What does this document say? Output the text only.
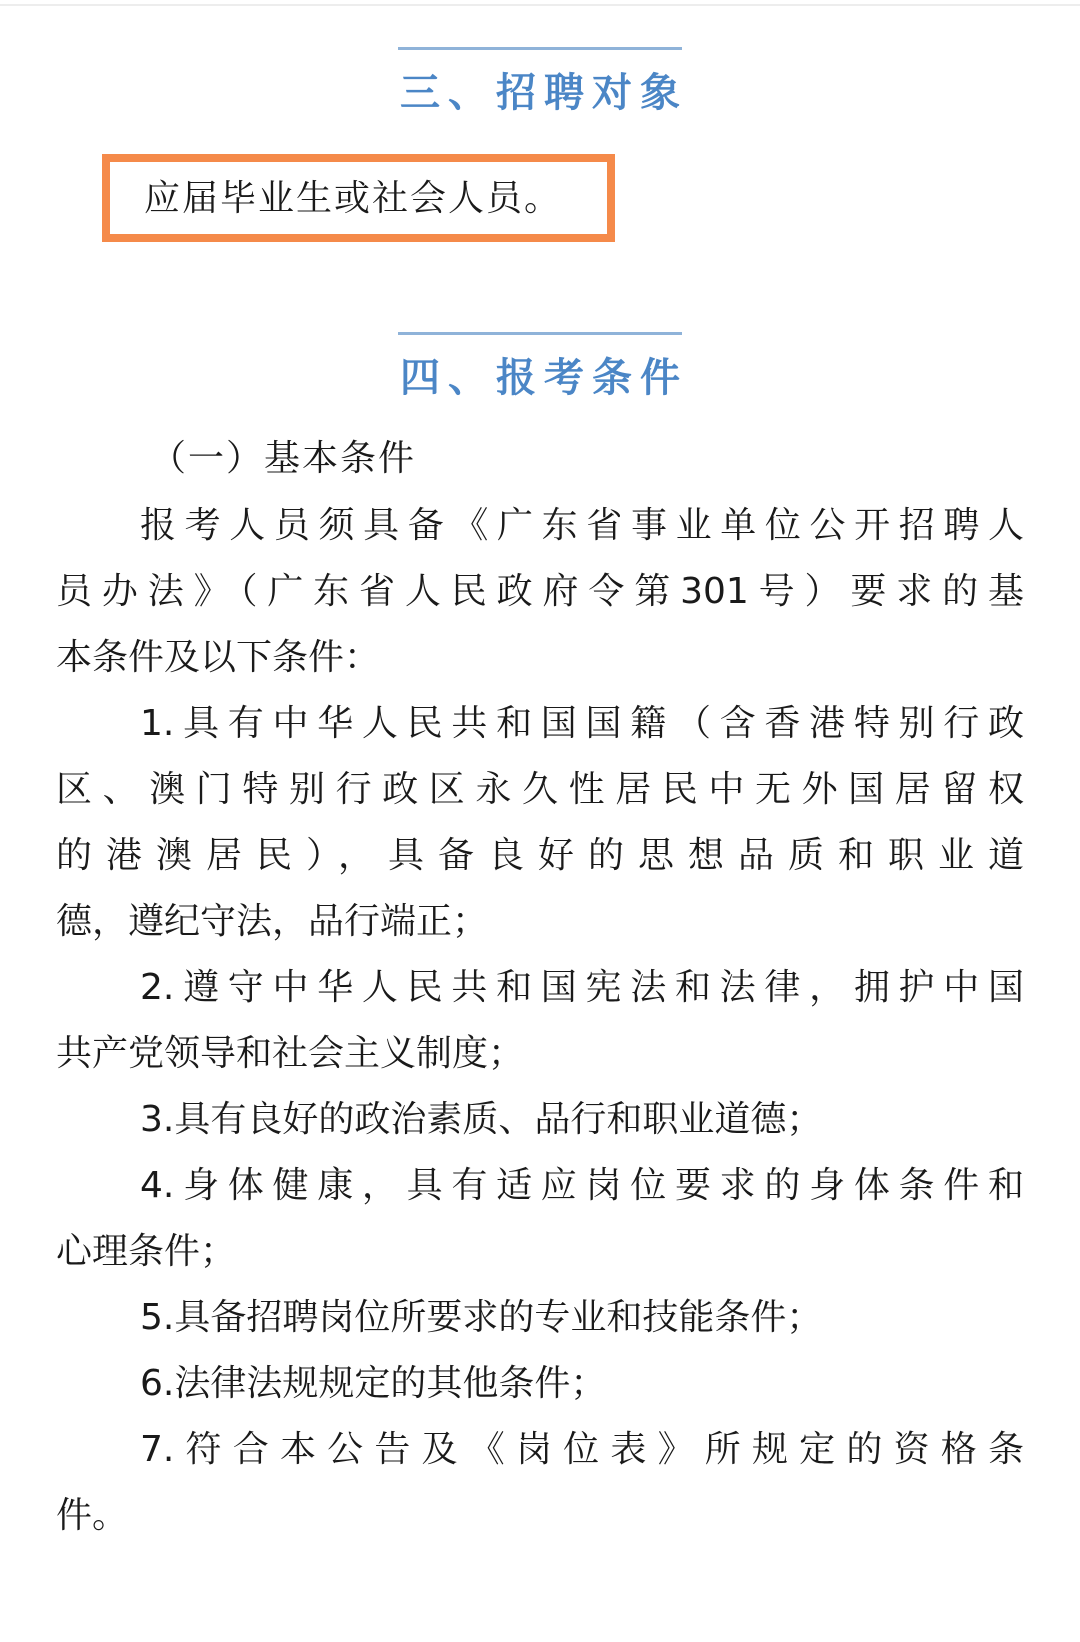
三、招聘对象
应届毕业生或社会人员。
四、报考条件
（一）基本条件
报考人员须具备《广东省事业单位公开招聘人
员办法》（广东省人民政府令第301号）要求的基
本条件及以下条件：
1.具有中华人民共和国国籍（含香港特别行政
区、澳门特别行政区永久性居民中无外国居留权
的港澳居民），具备良好的思想品质和职业道
德，遵纪守法，品行端正；
2.遵守中华人民共和国宪法和法律，拥护中国
共产党领导和社会主义制度；
3.具有良好的政治素质、品行和职业道德；
4.身体健康，具有适应岗位要求的身体条件和
心理条件；
5.具备招聘岗位所要求的专业和技能条件；
6.法律法规规定的其他条件；
7.符合本公告及《岗位表》所规定的资格条
件。
